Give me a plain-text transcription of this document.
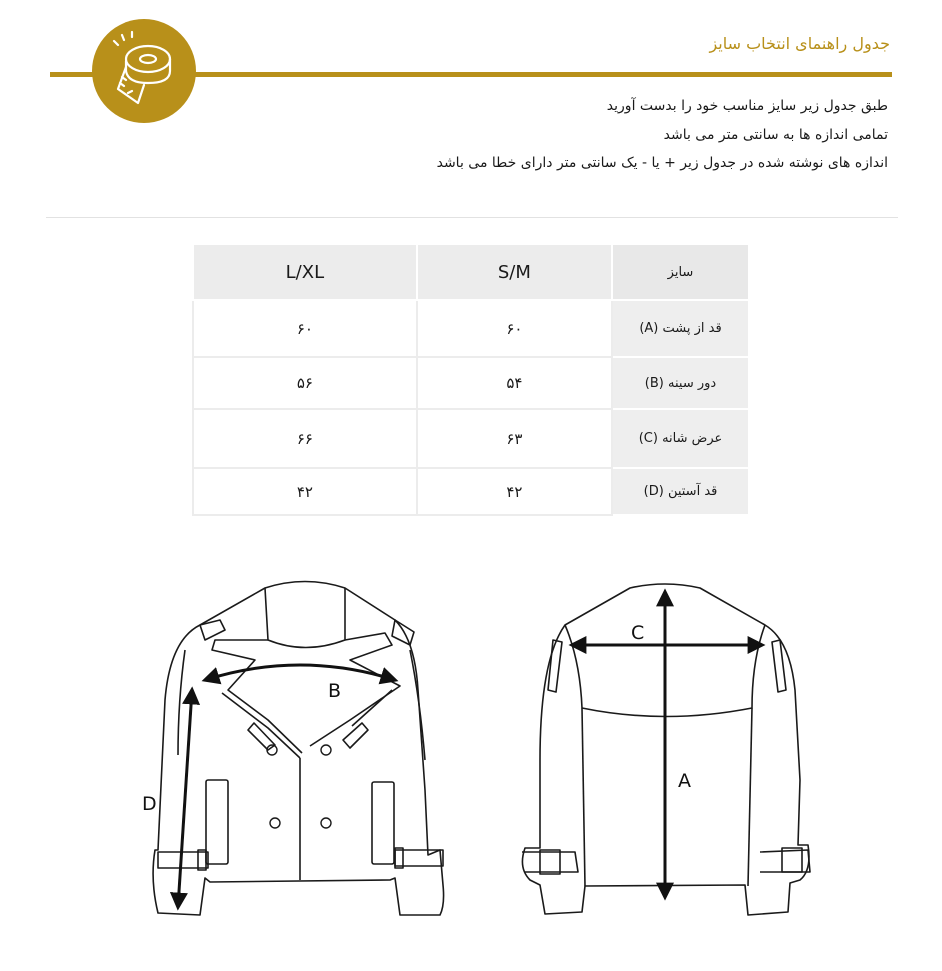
جدول راهنمای انتخاب سایز
طبق جدول زیر سایز مناسب خود را بدست آورید
تمامی اندازه ها به سانتی متر می باشد
اندازه های نوشته شده در جدول زیر + یا - یک سانتی متر دارای خطا می باشد
L/XL	S/M	سایز
۶۰	۶۰	قد از پشت (A)
۵۶	۵۴	دور سینه (B)
۶۶	۶۳	عرض شانه (C)
۴۲	۴۲	قد آستین (D)
B
D
C
A
